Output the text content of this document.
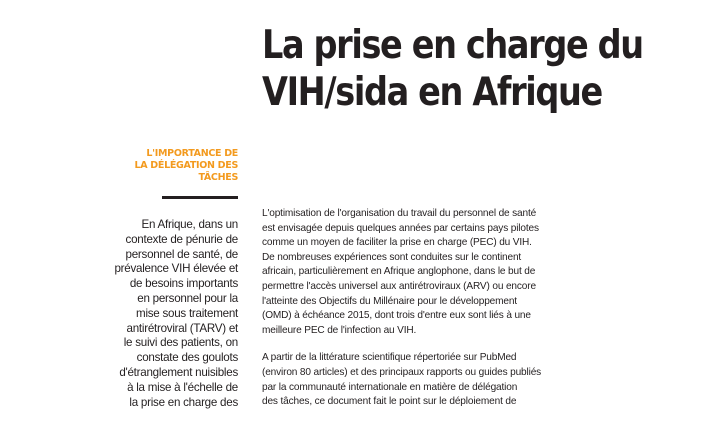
La prise en charge du
VIH/sida en Afrique
L'IMPORTANCE DE
LA DÉLÉGATION DES
TÂCHES
En Afrique, dans un
contexte de pénurie de
personnel de santé, de
prévalence VIH élevée et
de besoins importants
en personnel pour la
mise sous traitement
antirétroviral (TARV) et
le suivi des patients, on
constate des goulots
d'étranglement nuisibles
à la mise à l'échelle de
la prise en charge des

L'optimisation de l'organisation du travail du personnel de santé
est envisagée depuis quelques années par certains pays pilotes
comme un moyen de faciliter la prise en charge (PEC) du VIH.
De nombreuses expériences sont conduites sur le continent
africain, particulièrement en Afrique anglophone, dans le but de
permettre l'accès universel aux antirétroviraux (ARV) ou encore
l'atteinte des Objectifs du Millénaire pour le développement
(OMD) à échéance 2015, dont trois d'entre eux sont liés à une
meilleure PEC de l'infection au VIH.

A partir de la littérature scientifique répertoriée sur PubMed
(environ 80 articles) et des principaux rapports ou guides publiés
par la communauté internationale en matière de délégation
des tâches, ce document fait le point sur le déploiement de
